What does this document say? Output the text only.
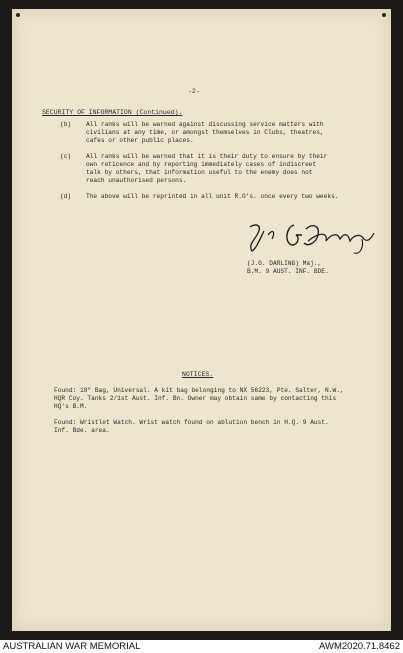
-2-
SECURITY OF INFORMATION (Continued).
(b) All ranks will be warned against discussing service matters with
civilians at any time, or amongst themselves in Clubs, theatres,
cafes or other public places.
(c) All ranks will be warned that it is their duty to ensure by their
own reticence and by reporting immediately cases of indiscreet
talk by others, that information useful to the enemy does not
reach unauthorised persons.
(d) The above will be reprinted in all unit R.O's. once every two weeks.
(J.G. DARLING) Maj.,
B.M. 9 AUST. INF. BDE.
NOTICES.
Found: 18" Bag, Universal. A kit bag belonging to NX 56223, Pte. Salter, N.W.,
HQR Coy. Tanks 2/1st Aust. Inf. Bn. Owner may obtain same by contacting this
HQ's B.M.
Found: Wristlet Watch. Wrist watch found on ablution bench in H.Q. 9 Aust.
Inf. Bde. area.
AUSTRALIAN WAR MEMORIAL	AWM2020.71.8462
